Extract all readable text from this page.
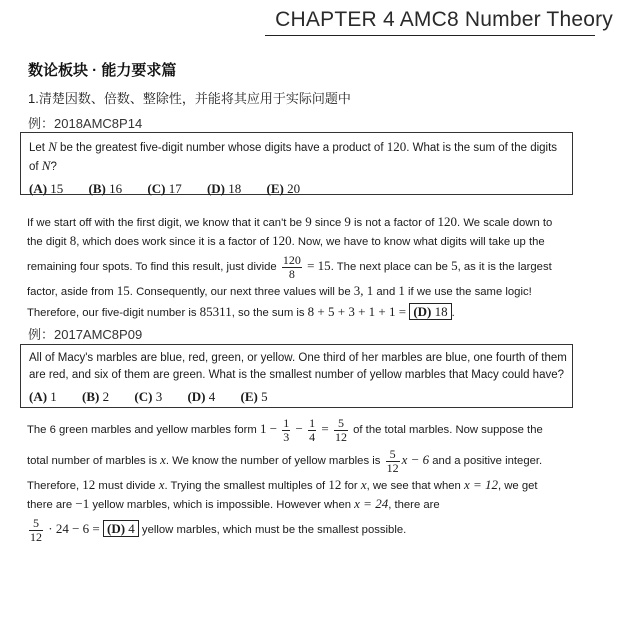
CHAPTER 4 AMC8 Number Theory
数论板块 · 能力要求篇
1.清楚因数、倍数、整除性，并能将其应用于实际问题中
例：2018AMC8P14
Let N be the greatest five-digit number whose digits have a product of 120. What is the sum of the digits
of N?
(A) 15 (B) 16 (C) 17 (D) 18 (E) 20

If we start off with the first digit, we know that it can't be 9 since 9 is not a factor of 120. We scale down to

the digit 8, which does work since it is a factor of 120. Now, we have to know what digits will take up the

remaining four spots. To find this result, just divide $\frac{120}{8} = 15$. The next place can be 5, as it is the largest

factor, aside from 15. Consequently, our next three values will be 3, 1 and 1 if we use the same logic!

Therefore, our five-digit number is 85311, so the sum is 8 + 5 + 3 + 1 + 1 = (D) 18 .

例：2017AMC8P09
All of Macy's marbles are blue, red, green, or yellow. One third of her marbles are blue, one fourth of them
are red, and six of them are green. What is the smallest number of yellow marbles that Macy could have?
(A) 1 (B) 2 (C) 3 (D) 4 (E) 5

The 6 green marbles and yellow marbles form $1 - \frac{1}{3} - \frac{1}{4} = \frac{5}{12}$ of the total marbles. Now suppose the

total number of marbles is x. We know the number of yellow marbles is $\frac{5}{12}$ x − 6 and a positive integer.

Therefore, 12 must divide x. Trying the smallest multiples of 12 for x, we see that when x = 12, we get

there are −1 yellow marbles, which is impossible. However when x = 24, there are

$\frac{5}{12} \cdot 24 - 6 = (D)$ 4 yellow marbles, which must be the smallest possible.
